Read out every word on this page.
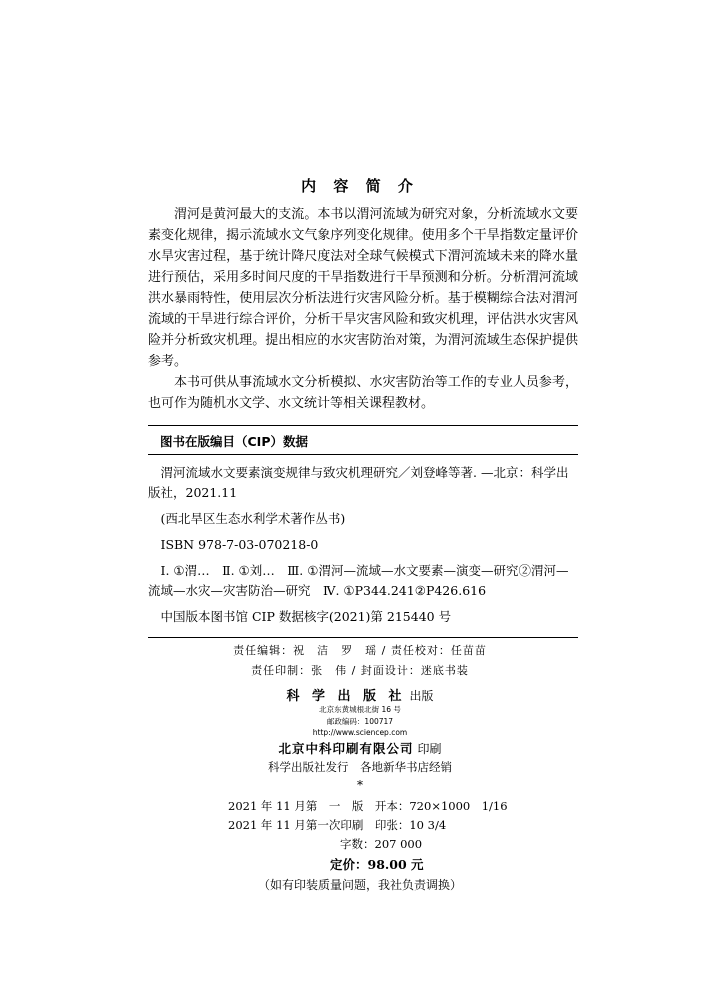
内 容 简 介

渭河是黄河最大的支流。本书以渭河流域为研究对象，分析流域水文要素变化规律，揭示流域水文气象序列变化规律。使用多个干旱指数定量评价水旱灾害过程，基于统计降尺度法对全球气候模式下渭河流域未来的降水量进行预估，采用多时间尺度的干旱指数进行干旱预测和分析。分析渭河流域洪水暴雨特性，使用层次分析法进行灾害风险分析。基于模糊综合法对渭河流域的干旱进行综合评价，分析干旱灾害风险和致灾机理，评估洪水灾害风险并分析致灾机理。提出相应的水灾害防治对策，为渭河流域生态保护提供参考。

本书可供从事流域水文分析模拟、水灾害防治等工作的专业人员参考，也可作为随机水文学、水文统计等相关课程教材。

图书在版编目（CIP）数据
渭河流域水文要素演变规律与致灾机理研究／刘登峰等著. —北京：科学出版社，2021.11
(西北旱区生态水利学术著作丛书)
ISBN 978-7-03-070218-0
Ⅰ. ①渭…　Ⅱ. ①刘…　Ⅲ. ①渭河—流域—水文要素—演变—研究②渭河—流域—水灾—灾害防治—研究　Ⅳ. ①P344.241②P426.616
中国版本图书馆 CIP 数据核字(2021)第 215440 号
责任编辑：祝　洁　罗　瑶 / 责任校对：任苗苗
责任印制：张　伟 / 封面设计：迷底书装
科 学 出 版 社 出版
北京东黄城根北街 16 号
邮政编码：100717
http://www.sciencep.com
北京中科印刷有限公司 印刷
科学出版社发行　各地新华书店经销
*
2021 年 11 月第　一　版　开本：720×1000　1/16
2021 年 11 月第一次印刷　印张：10 3/4
字数：207 000
定价：98.00 元
（如有印装质量问题，我社负责调换）
